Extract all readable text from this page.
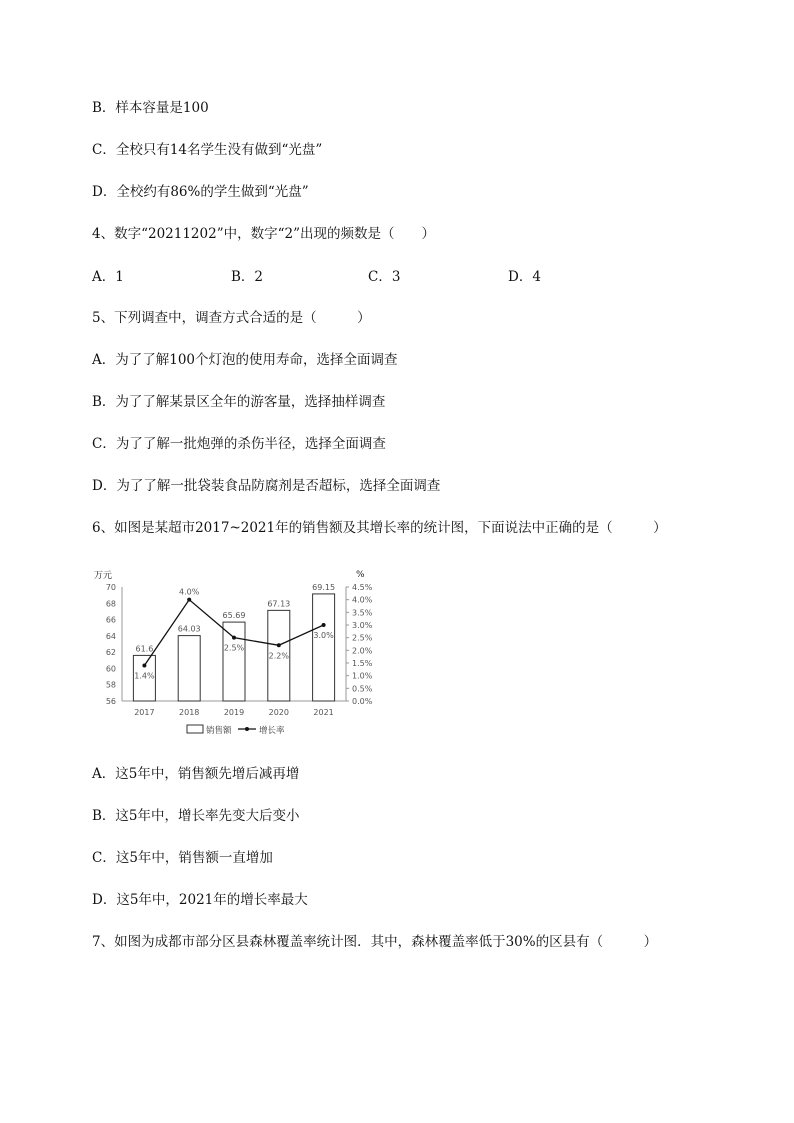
B．样本容量是100
C．全校只有14名学生没有做到“光盘”
D．全校约有86%的学生做到“光盘”
4、数字“20211202”中，数字“2”出现的频数是（　　）
A．1	B．2	C．3	D．4
5、下列调查中，调查方式合适的是（　　　）
A．为了了解100个灯泡的使用寿命，选择全面调查
B．为了了解某景区全年的游客量，选择抽样调查
C．为了了解一批炮弹的杀伤半径，选择全面调查
D．为了了解一批袋装食品防腐剂是否超标，选择全面调查
6、如图是某超市2017~2021年的销售额及其增长率的统计图，下面说法中正确的是（　　　）
56
58
60
62
64
66
68
70
0.0%
0.5%
1.0%
1.5%
2.0%
2.5%
3.0%
3.5%
4.0%
4.5%
万元	%
61.6
64.03
65.69
67.13
69.15
1.4%
4.0%
2.5%
2.2%
3.0%
2017	2018	2019	2020	2021
销售额	增长率
A．这5年中，销售额先增后减再增
B．这5年中，增长率先变大后变小
C．这5年中，销售额一直增加
D．这5年中，2021年的增长率最大
7、如图为成都市部分区县森林覆盖率统计图．其中，森林覆盖率低于30%的区县有（　　　）
